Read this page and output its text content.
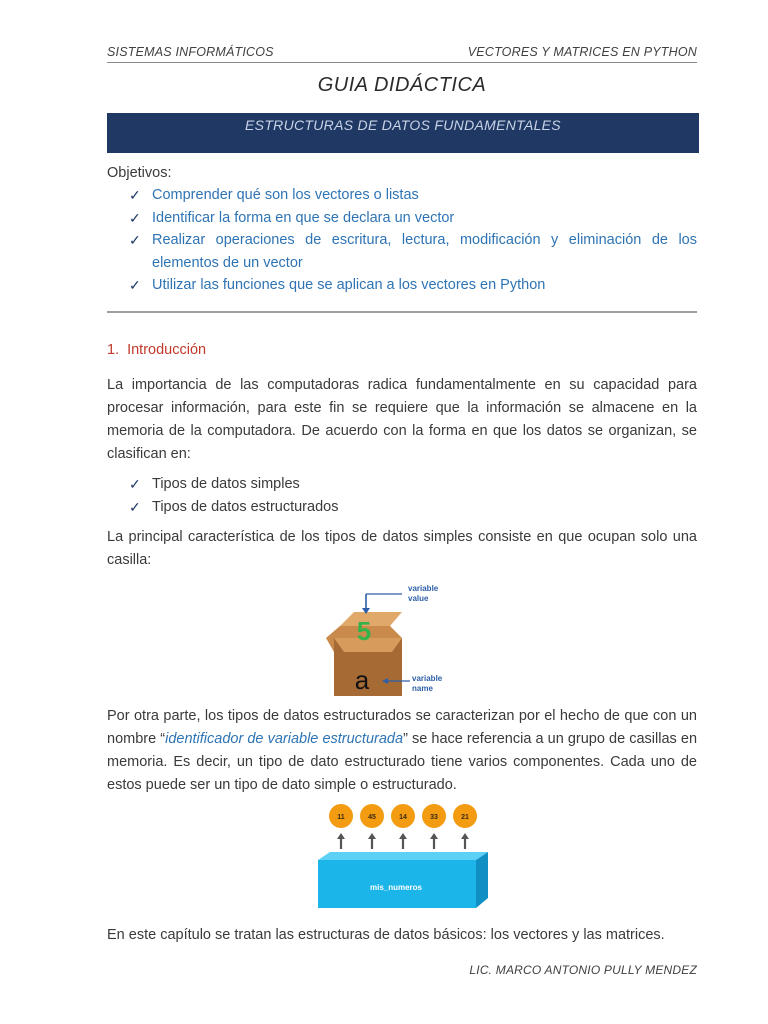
SISTEMAS INFORMÁTICOS	VECTORES Y MATRICES EN PYTHON
GUIA DIDÁCTICA
ESTRUCTURAS DE DATOS FUNDAMENTALES
Objetivos:
✓ Comprender qué son los vectores o listas
✓ Identificar la forma en que se declara un vector
✓ Realizar operaciones de escritura, lectura, modificación y eliminación de los elementos de un vector
✓ Utilizar las funciones que se aplican a los vectores en Python
1. Introducción
La importancia de las computadoras radica fundamentalmente en su capacidad para procesar información, para este fin se requiere que la información se almacene en la memoria de la computadora. De acuerdo con la forma en que los datos se organizan, se clasifican en:
✓ Tipos de datos simples
✓ Tipos de datos estructurados
La principal característica de los tipos de datos simples consiste en que ocupan solo una casilla:
5
a
variable
value
variable
name
Por otra parte, los tipos de datos estructurados se caracterizan por el hecho de que con un nombre “identificador de variable estructurada” se hace referencia a un grupo de casillas en memoria. Es decir, un tipo de dato estructurado tiene varios componentes. Cada uno de estos puede ser un tipo de dato simple o estructurado.
11	45	14	33	21
mis_numeros
En este capítulo se tratan las estructuras de datos básicos: los vectores y las matrices.
LIC. MARCO ANTONIO PULLY MENDEZ
